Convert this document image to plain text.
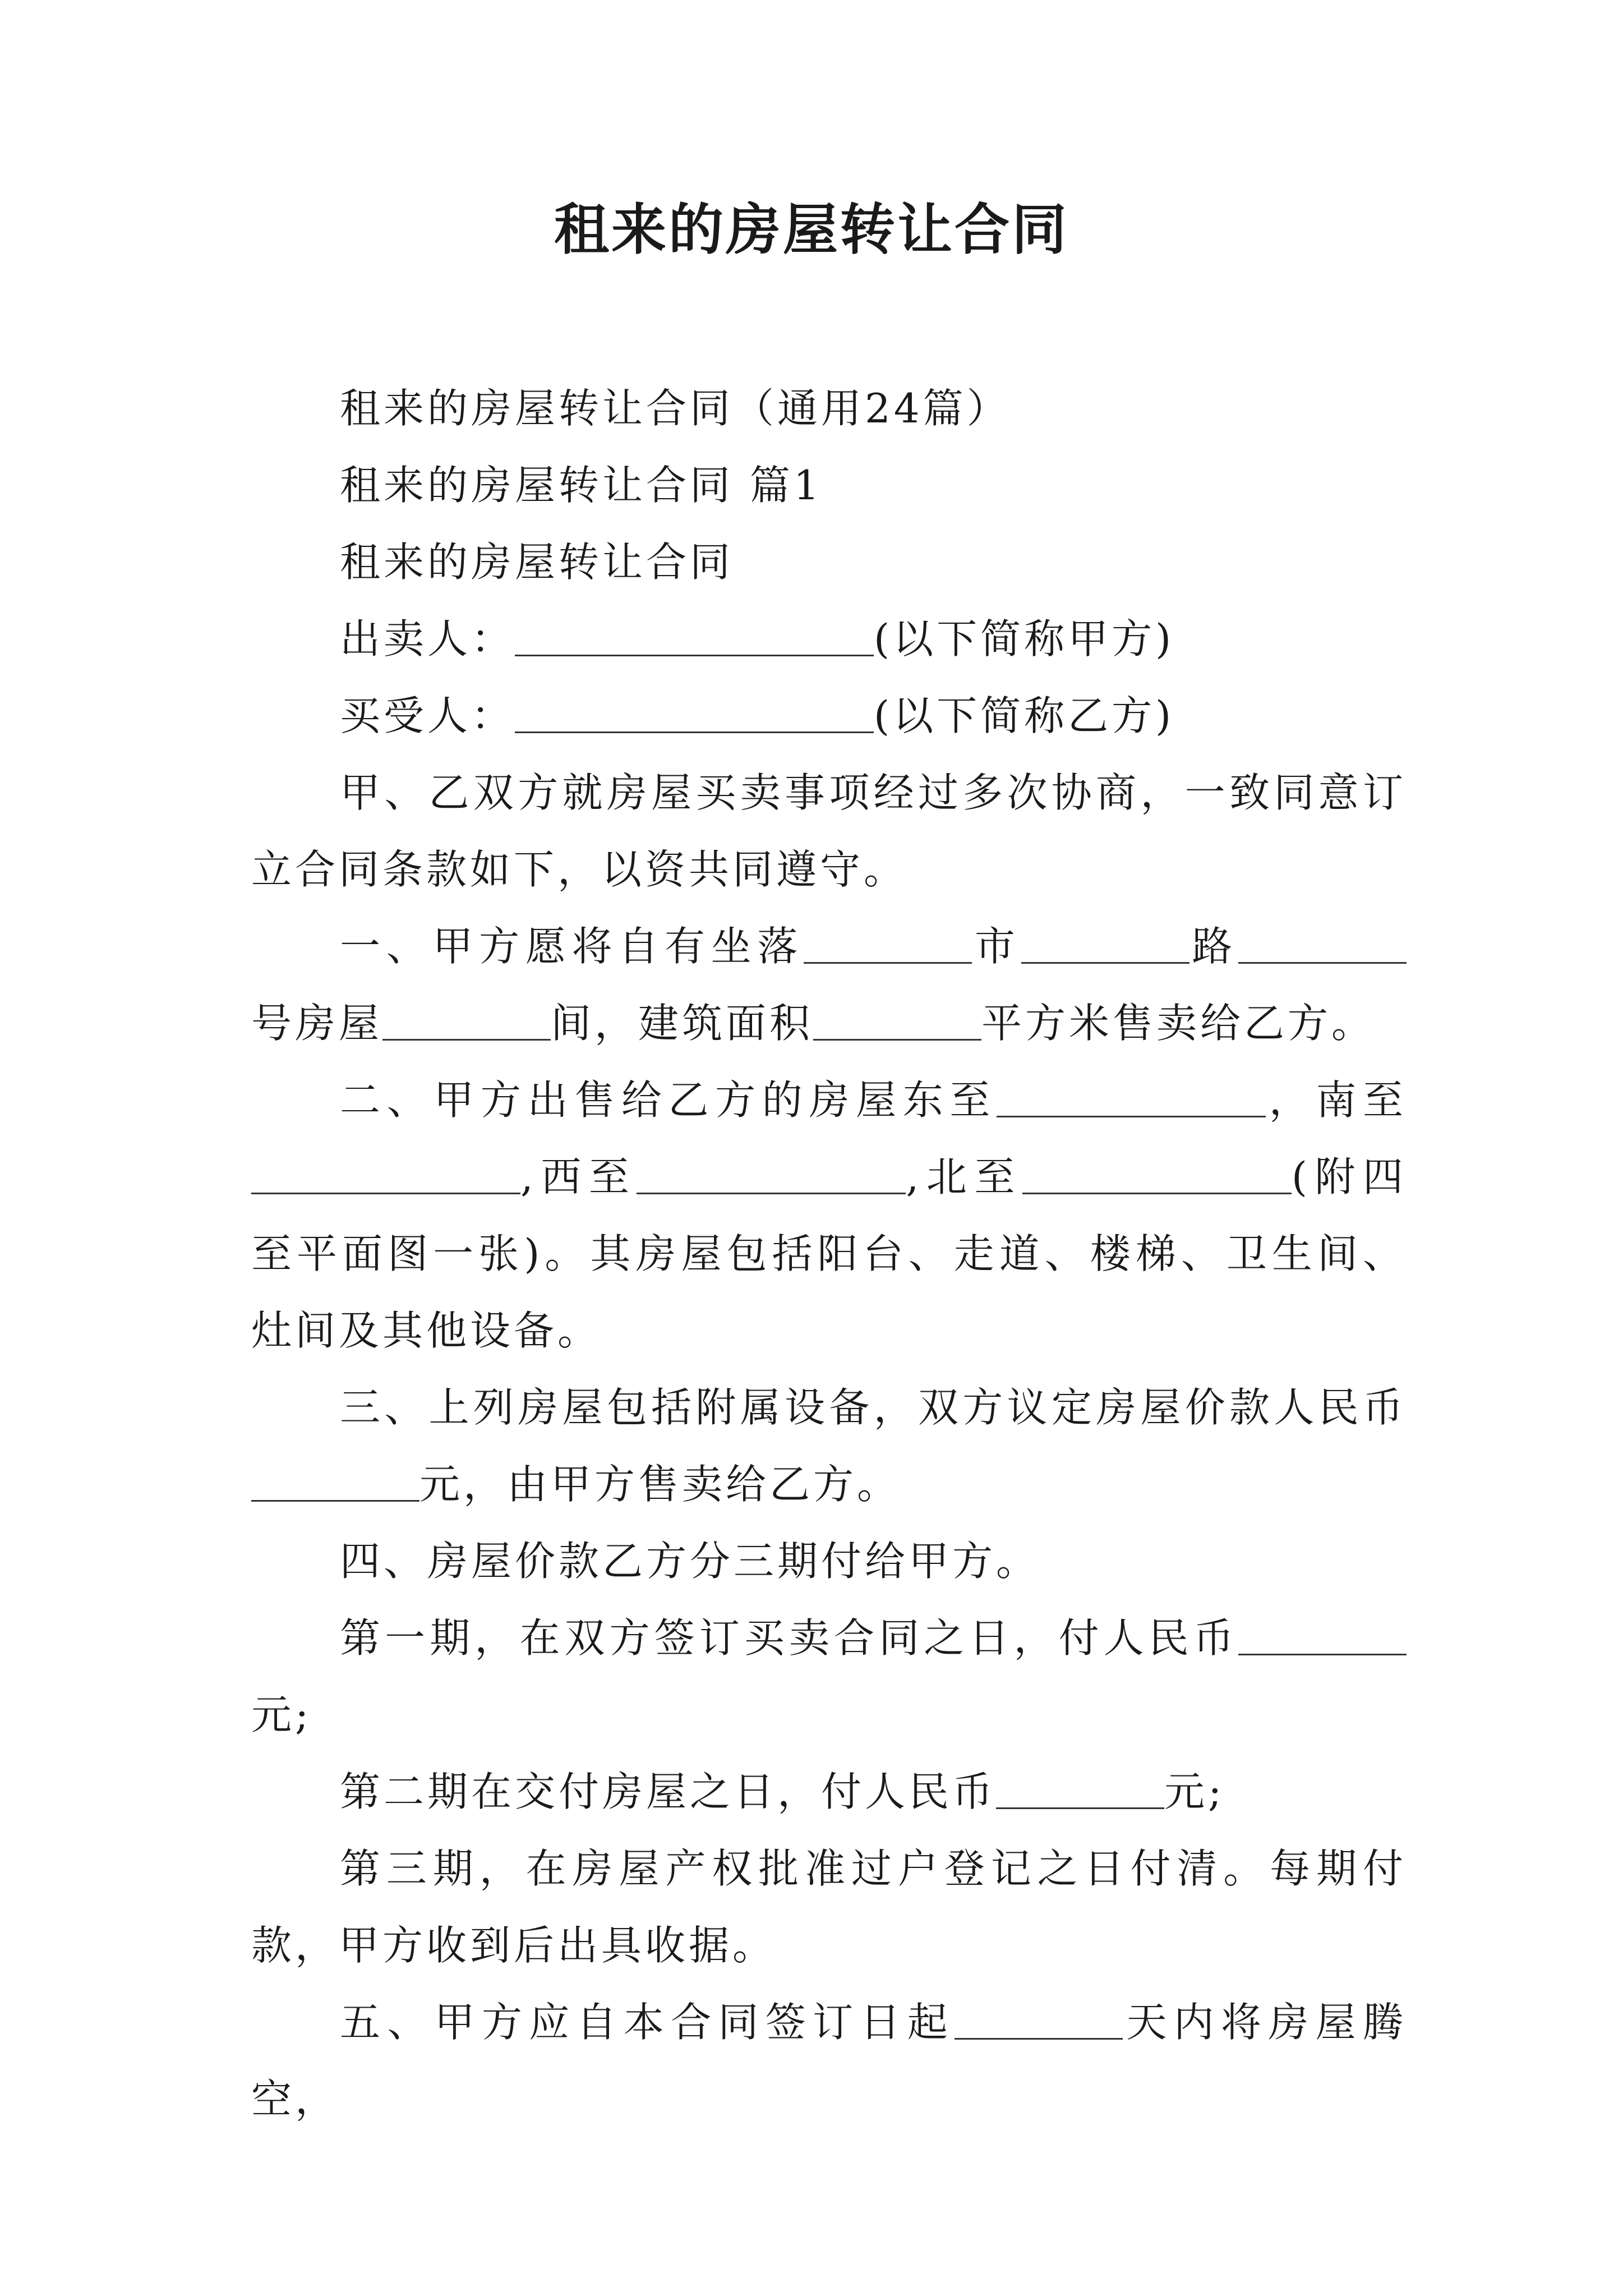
租来的房屋转让合同

租来的房屋转让合同（通用24篇）

租来的房屋转让合同 篇1

租来的房屋转让合同

出卖人：	(以下简称甲方)

买受人：	(以下简称乙方)

甲、乙双方就房屋买卖事项经过多次协商，一致同意订立合同条款如下，以资共同遵守。

一、甲方愿将自有坐落	市	路号房屋	间，建筑面积	平方米售卖给乙方。

二、甲方出售给乙方的房屋东至	，南至,西至	,北至	(附四至平面图一张)。其房屋包括阳台、走道、楼梯、卫生间、灶间及其他设备。

三、上列房屋包括附属设备，双方议定房屋价款人民币元，由甲方售卖给乙方。

四、房屋价款乙方分三期付给甲方。

第一期，在双方签订买卖合同之日，付人民币元;

第二期在交付房屋之日，付人民币	元;

第三期，在房屋产权批准过户登记之日付清。每期付款，甲方收到后出具收据。

五、甲方应自本合同签订日起	天内将房屋腾空，
